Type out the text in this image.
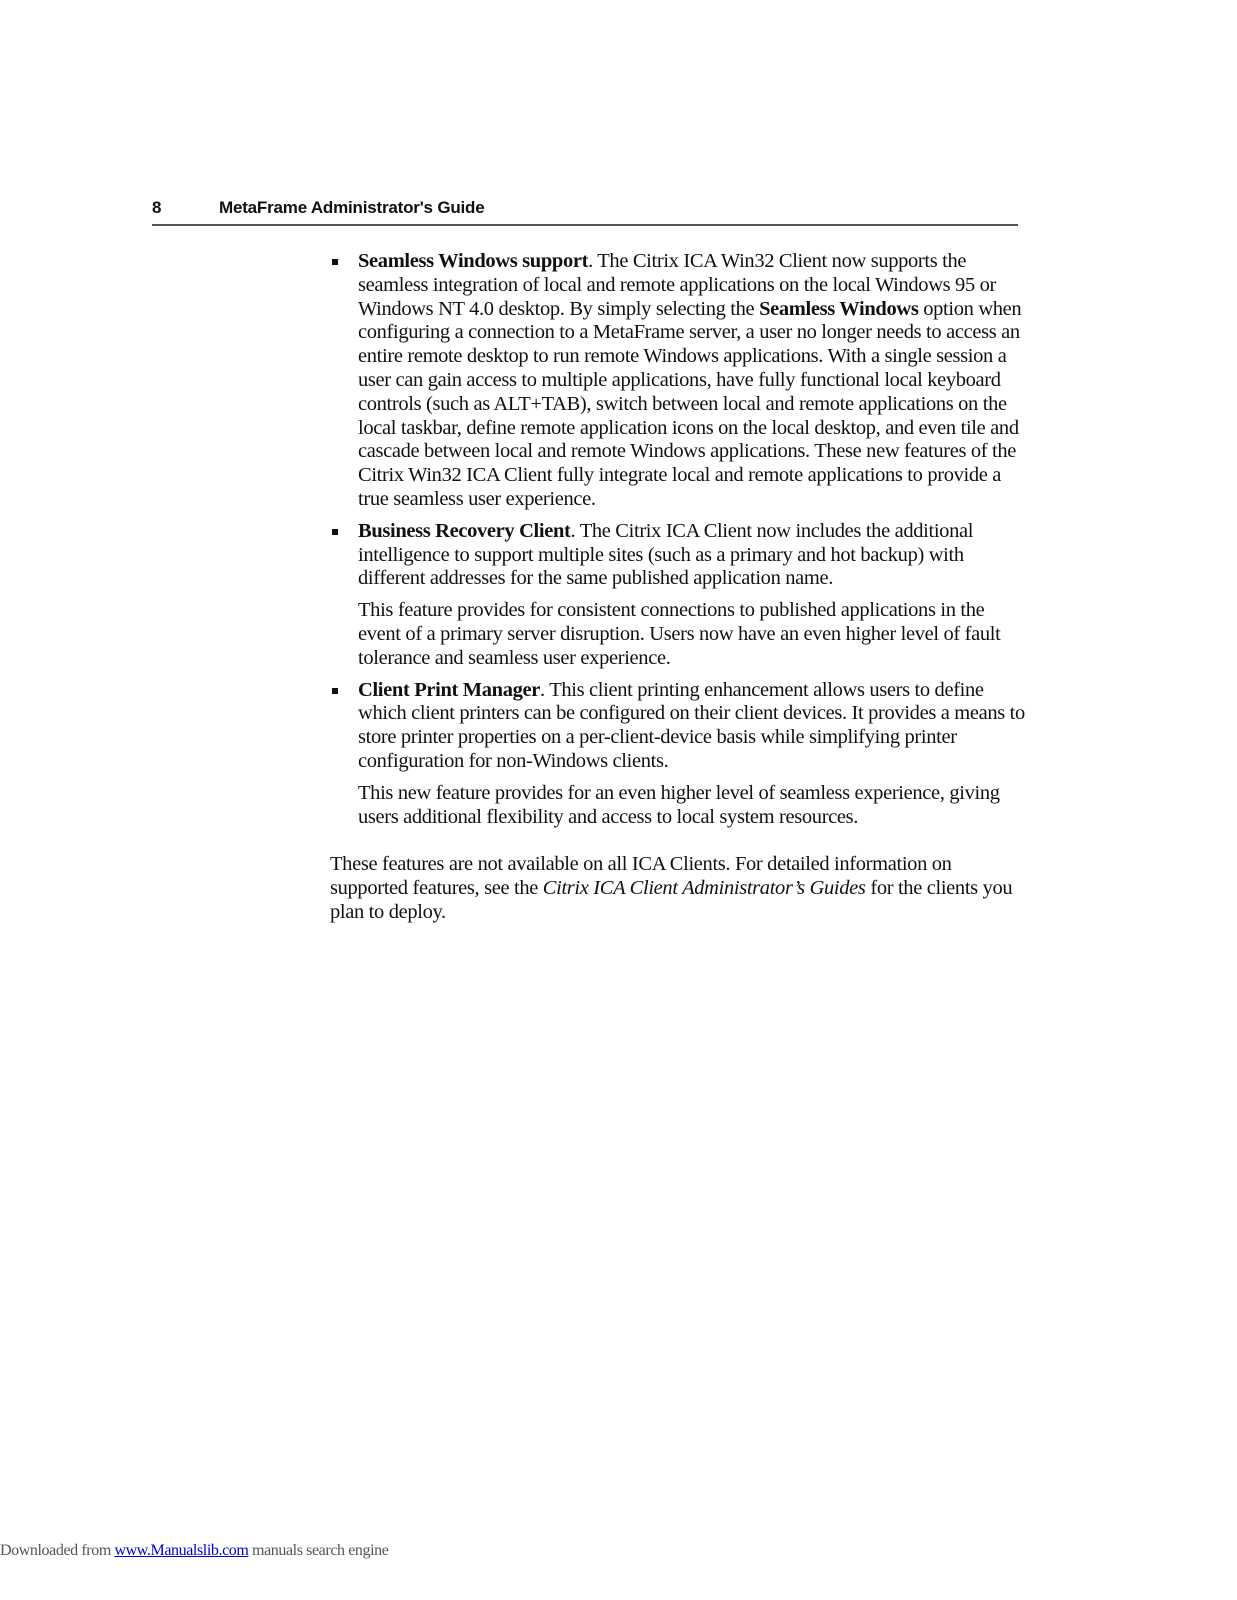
8	MetaFrame Administrator's Guide

Seamless Windows support. The Citrix ICA Win32 Client now supports the seamless integration of local and remote applications on the local Windows 95 or Windows NT 4.0 desktop. By simply selecting the Seamless Windows option when configuring a connection to a MetaFrame server, a user no longer needs to access an entire remote desktop to run remote Windows applications. With a single session a user can gain access to multiple applications, have fully functional local keyboard controls (such as ALT+TAB), switch between local and remote applications on the local taskbar, define remote application icons on the local desktop, and even tile and cascade between local and remote Windows applications. These new features of the Citrix Win32 ICA Client fully integrate local and remote applications to provide a true seamless user experience.

Business Recovery Client. The Citrix ICA Client now includes the additional intelligence to support multiple sites (such as a primary and hot backup) with different addresses for the same published application name.

This feature provides for consistent connections to published applications in the event of a primary server disruption. Users now have an even higher level of fault tolerance and seamless user experience.

Client Print Manager. This client printing enhancement allows users to define which client printers can be configured on their client devices. It provides a means to store printer properties on a per-client-device basis while simplifying printer configuration for non-Windows clients.

This new feature provides for an even higher level of seamless experience, giving users additional flexibility and access to local system resources.

These features are not available on all ICA Clients. For detailed information on supported features, see the Citrix ICA Client Administrator’s Guides for the clients you plan to deploy.

Downloaded from www.Manualslib.com manuals search engine
